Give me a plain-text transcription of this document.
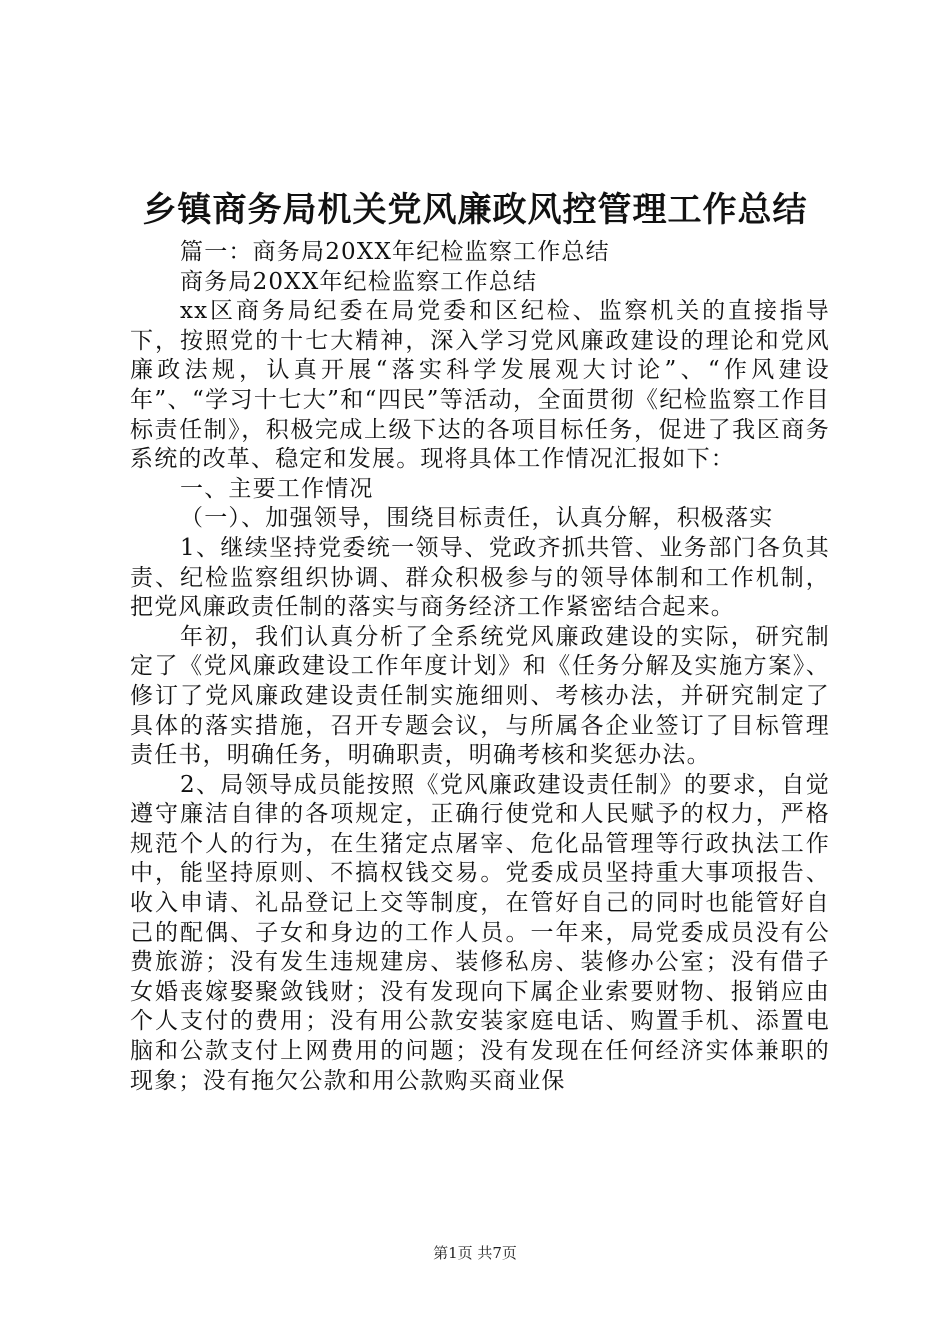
乡镇商务局机关党风廉政风控管理工作总结

篇一：商务局20XX年纪检监察工作总结

商务局20XX年纪检监察工作总结

xx区商务局纪委在局党委和区纪检、监察机关的直接指导下，按照党的十七大精神，深入学习党风廉政建设的理论和党风廉政法规，认真开展“落实科学发展观大讨论”、“作风建设年”、“学习十七大”和“四民”等活动，全面贯彻《纪检监察工作目标责任制》，积极完成上级下达的各项目标任务，促进了我区商务系统的改革、稳定和发展。现将具体工作情况汇报如下：

一、主要工作情况

（一）、加强领导，围绕目标责任，认真分解，积极落实

1、继续坚持党委统一领导、党政齐抓共管、业务部门各负其责、纪检监察组织协调、群众积极参与的领导体制和工作机制，把党风廉政责任制的落实与商务经济工作紧密结合起来。

年初，我们认真分析了全系统党风廉政建设的实际，研究制定了《党风廉政建设工作年度计划》和《任务分解及实施方案》、修订了党风廉政建设责任制实施细则、考核办法，并研究制定了具体的落实措施，召开专题会议，与所属各企业签订了目标管理责任书，明确任务，明确职责，明确考核和奖惩办法。

2、局领导成员能按照《党风廉政建设责任制》的要求，自觉遵守廉洁自律的各项规定，正确行使党和人民赋予的权力，严格规范个人的行为，在生猪定点屠宰、危化品管理等行政执法工作中，能坚持原则、不搞权钱交易。党委成员坚持重大事项报告、收入申请、礼品登记上交等制度，在管好自己的同时也能管好自己的配偶、子女和身边的工作人员。一年来，局党委成员没有公费旅游；没有发生违规建房、装修私房、装修办公室；没有借子女婚丧嫁娶聚敛钱财；没有发现向下属企业索要财物、报销应由个人支付的费用；没有用公款安装家庭电话、购置手机、添置电脑和公款支付上网费用的问题；没有发现在任何经济实体兼职的现象；没有拖欠公款和用公款购买商业保

第1页 共7页
